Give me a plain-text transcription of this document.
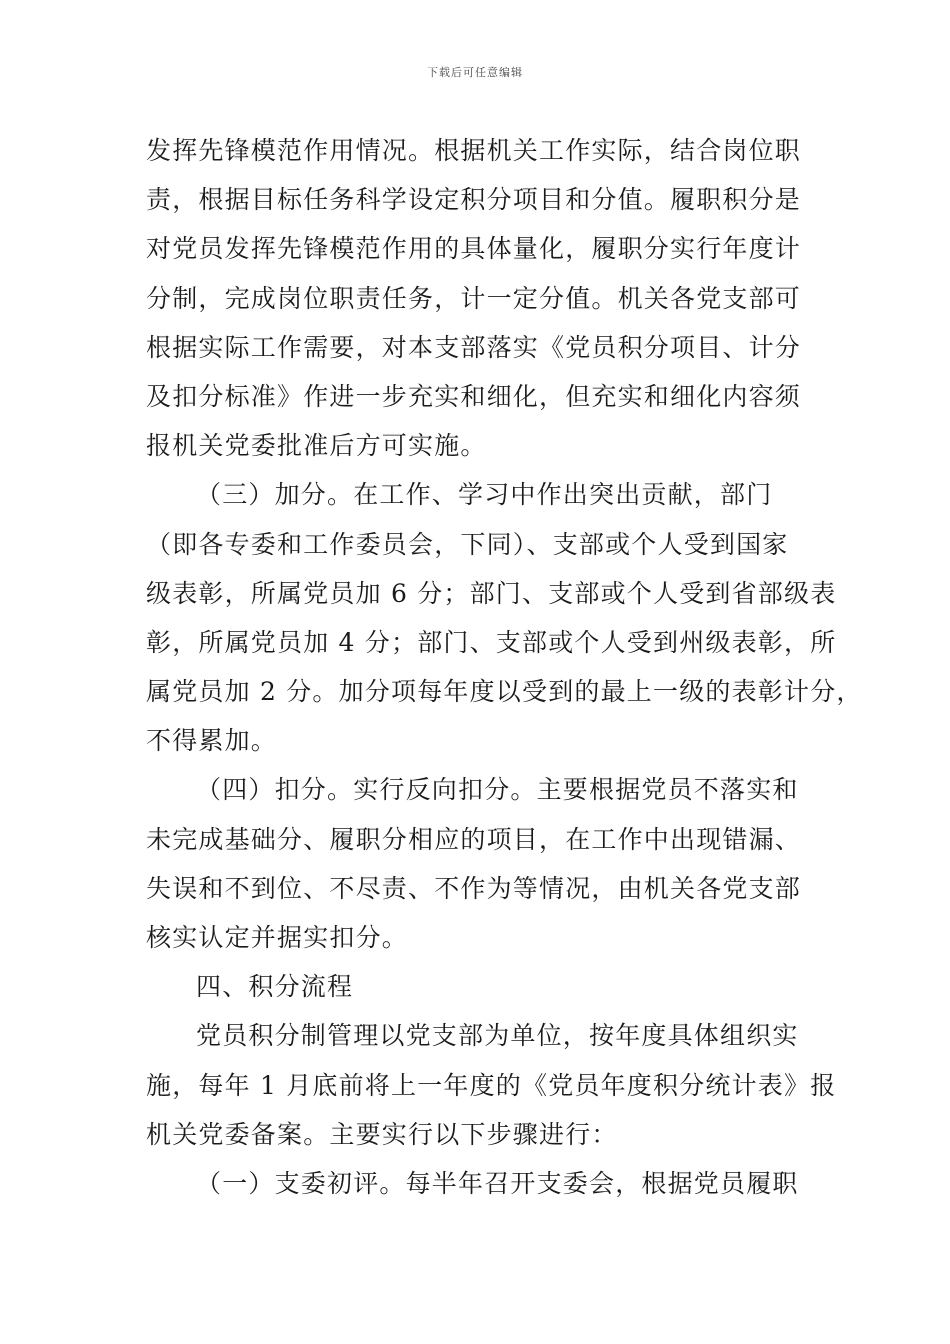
下载后可任意编辑
发挥先锋模范作用情况。根据机关工作实际，结合岗位职
责，根据目标任务科学设定积分项目和分值。履职积分是
对党员发挥先锋模范作用的具体量化，履职分实行年度计
分制，完成岗位职责任务，计一定分值。机关各党支部可
根据实际工作需要，对本支部落实《党员积分项目、计分
及扣分标准》作进一步充实和细化，但充实和细化内容须
报机关党委批准后方可实施。
（三）加分。在工作、学习中作出突出贡献，部门
（即各专委和工作委员会，下同）、支部或个人受到国家
级表彰，所属党员加 6 分；部门、支部或个人受到省部级表
彰，所属党员加 4 分；部门、支部或个人受到州级表彰，所
属党员加 2 分。加分项每年度以受到的最上一级的表彰计分，
不得累加。
（四）扣分。实行反向扣分。主要根据党员不落实和
未完成基础分、履职分相应的项目，在工作中出现错漏、
失误和不到位、不尽责、不作为等情况，由机关各党支部
核实认定并据实扣分。
四、积分流程
党员积分制管理以党支部为单位，按年度具体组织实
施，每年 1 月底前将上一年度的《党员年度积分统计表》报
机关党委备案。主要实行以下步骤进行：
（一）支委初评。每半年召开支委会，根据党员履职
